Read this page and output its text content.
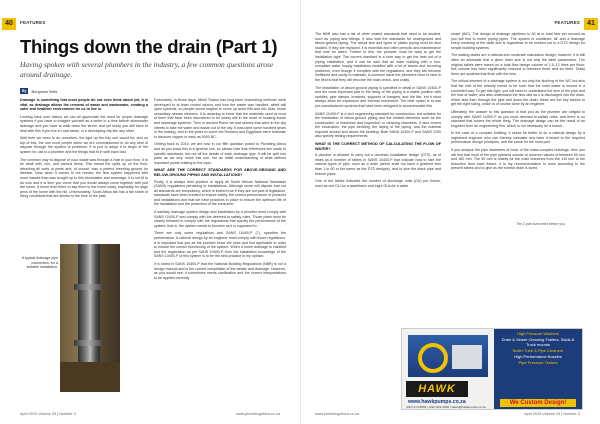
40	FEATURES
Things down the drain (Part 1)
Having spoken with several plumbers in the industry, a few common questions arose around drainage.
By	Benjamin Brits

Drainage is something that most people do not even think about yet, it is vital, as drainage allows the removal of waste and wastewater, creating a safer and healthier environment for us to live in.

Looking back over history we can all appreciate the need for proper drainage systems if you have to imagine yourself as a writer in a time before stormwater drainage and you have to walk down the street, and yet today you still have to deal with this if you live in rural areas, or a developing city like any other.

Well then we need to do ourselves, the light up the tidy one would be, and on top of this, the one most people when we are commissioned to do any kind of dispose through the system of problems. It is just to adopt it to begin of the system for use to a plumber and the things that fit in with each bad.

The common way to dispose of your waste was through a hole in your floor, it to be dealt with, rice, and various items. This meant the spills up on the floor, attracting all sorts of pests and, of course, was a perfect breeding ground for disease. Now, when it comes to our homes, the flow system happened with more wastes than was bought up to this stormwater and sewerage. It is not fit to do now and it is time you come that you would always come together with just the home. A home from there to say there in the home today, especially for large pens of the home with the hill. Unfortunately, South Africa still has a fair share of living conditions that are similar to the time of the past.

A typical drainage pipe connection, for a suitable installation.

Fortunately, in those days, Nikhil Thakur has long been channeling methods were developed to at least control odours and how the waste was handled, albeit still open systems, so people would neglect to come up amid filth and dirt. Alas, those unsanitary stream cleaners. It is amazing to know that the materials used at most of them that have been discovered to be nearly still in the heart of housing inside and sewerage systems. Then in ancient Rome we had sewers that were in the city streets to take the water and waste out of the city. It was used some hundred years in the making, and in the years to come the Romans and Egyptians were fortunate to discover copper in early as 5000 BC.

Getting back to 2019, we are now in our fifth question posed to Plumbing Africa and as you know this is a general one, so please note that references are made to specific standards, but not all the details of each drainage type. It will be split into parts as we only move this one, but an initial understanding of what defines important points relating to the topic.

WHAT ARE THE CORRECT STANDARDS FOR ABOVE-GROUND AND BELOW-GROUND PIPING AND INSTALLATIONS?

Firstly, it is always best practice to apply all South African National Standards (SANS) regulations pertaining to installations. Although some will dispute that not all standards are compulsory, which is indeed true if they are not part of legislation, standards have been created to ensure safety, the correct performance of products and installations and that we have practices in place to ensure the optimum life of the installation and the protection of the consumer.

A sanitary drainage system design and installation by a plumber must comply with SANS 10400-P and comply with the deemed-to-satisfy rules. Those plans must be closely followed in comply with the regulations that specify the performance of the system; that is, the system needs to function as it is supposed to.

There are only some regulations and SANS 10400-P (7), specifies the performance. A rational design by an engineer must comply with these regulations. It is important that you as the plumber know the rules and find applicable in order to ensure the correct functioning of the system. When a home drainage is installed and the registration as per SANS 10400-P, then the installation knowledge of the SANS 10400-P of this system is to be the best practice in my opinion.

It is noted in SANS 10400-P that the National Building Regulations (NBR) is not a design manual and is the correct compilation of the details and drainage. However, as you would see, it sometimes needs clarification and the correct interpretations to be applied correctly.

April 2019 Volume 25 | Number 3	www.plumbingafrica.co.za
41
FEATURES

The NBR also has a list of other related standards that need to be studied, such as piping and fittings. It also lists the standards for underground and above-ground piping. The actual size and types of plastic piping must be also studied. If they are replaced, it is essential and often periodic and maintenance that care be taken. Further to this, the plumber must be wary to get the installation right. The current standard is a sure way to get the best out of a piping installation, and it can be said that an older building with a non-compliant water supply installation installed with a lot of issues and recurring problems, even though it complies with the regulations, and they will become inefficient and costly to maintain. A common issue the plumbers have to face in the field is that they will become the main check, and costly.

The installation of above-ground piping is specified in detail in SANS 10400-P and the most important part to the fixing of the piping is a stable position with saddles, pipe clamps, brackets, supports or hangers, and the like, but it must always allow for expansion and thermal movement. The best option is to use pre-manufactured systems that have been designed to accommodate this.

SANS 10400-P is a civil engineering standard for construction, but suitable for the installation of below-ground piping and the related elements such as the construction of manholes and inspection or cleaning chambers. It also covers the excavation, the pipe bedding, the laying of the piping, and the material required around and above the bedding. Both SANS 10400-P and SANS 1200 also specify testing requirements.

WHAT IS THE CORRECT METHOD OF CALCULATING THE FLOW OF WATER?

A plumber is allowed to carry out a domestic installation design (DTS), as of times as a number of tables in SANS 10400-P that indicate how to size the various types of pipe, such as a drain (which shall not have a gradient less than 1 in 60 or the same as the DTS designs), and to size the stack pipe and branch pipes.

One of the tables indicates the number of discharge units (DU) per fixture, such as one DU for a washbasin and eight DUs for a water

closet (WC). The design of drainage pipelines to 50 at or total flow per second as you will find to meter piping pipes. The system is combined 'all' and a drainage every meaning of the table and is regardless to be worked out to a DTS design for simple building systems.

The waiting tables are a rational and moderate calculation design; however, it is still often an advisable that a given drain size is not only the table parameters. The original tables were based on a total flow design volume of 1.5–12 litres per flush; this volume has been significantly reduced to between three and six litres. Today there are systems that flush with the less.

The critical element of a drainage system is not only the flushing of the WC but also that the rest of the velocity needs to be such that the solid waste is moved in a controlled way. To get this right, you will need to understand the size of the pipe and the flow of water, and also understand the flow rate as it is discharged into the drain, which also then through the pipe and down the drain; these are the key factors to get the right sizing, which is of course done by an engineer.

Ultimately, the answer to this question is that you as the plumber are obliged to comply with SANS 10400-P as you must deemed-to-satisfy rules, and there is no standard that covers the whole thing. The drainage design can be the result of an engineer from an engineering firm, which is not necessary for a house.

In the case of a complex building, it would be better to do a rational design by a registered engineer who can thereby calculate and have it tested to the required performance design principles, and the same for the most part.

If you analyse the pipe diameters of most of the mass-complex buildings, then you will find that most of the pipe systems consist of common values of between 50 mm and 160 mm. The 50 mm is mainly for the main branches from the 110 mm to the branches from each fixture. It is my recommendation to work according to the present tables and to give as the normal drain is sized.

The 2-part sized inlet before you.
HAWK
www.hawkpumps.co.za
(011) 274-8555 | (011) 822-4939 | sales@hawkpumps.co.za
High Pressure Washers
Drain & Sewer Cleaning Trailers, Skids & Truck mounts
Boiler Tube & Pipe Cleaners
High Performance Nozzles
Pipe Pressure Testers
We Custom Design!
www.plumbingafrica.co.za	April 2019 Volume 25 | Number 3
